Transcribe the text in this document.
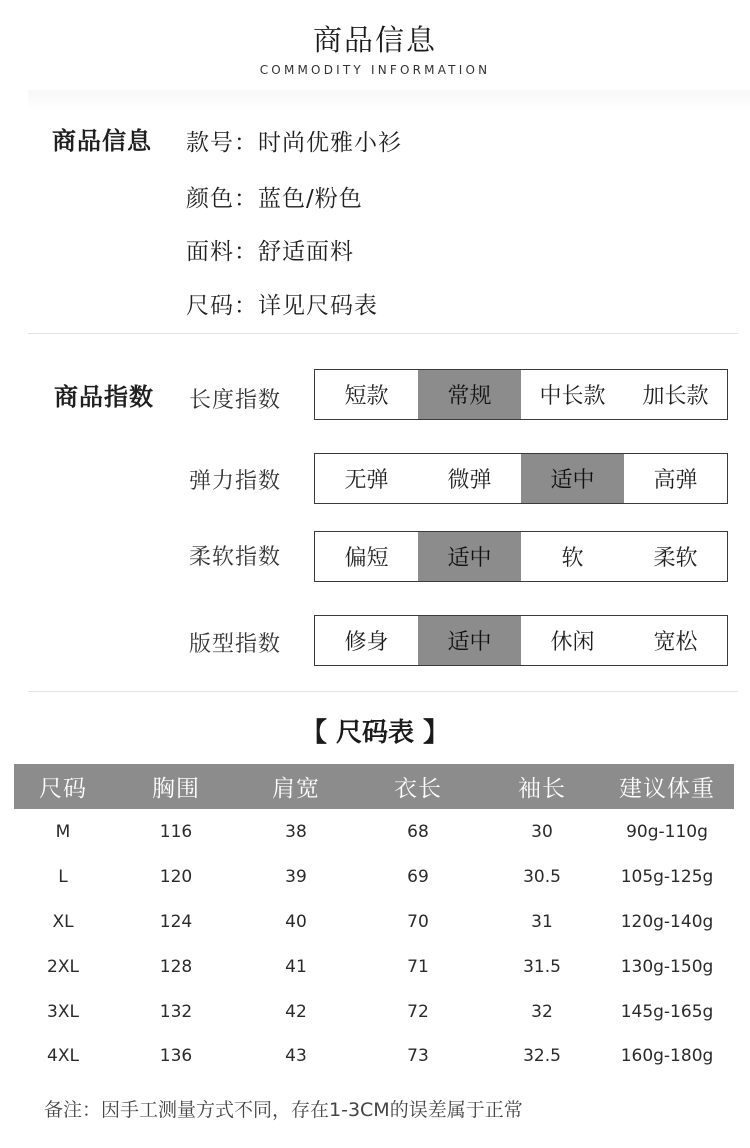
商品信息
COMMODITY INFORMATION
商品信息 款号：时尚优雅小衫
颜色：蓝色/粉色
面料：舒适面料
尺码：详见尺码表
商品指数 长度指数	短款	常规	中长款	加长款
弹力指数	无弹	微弹	适中	高弹
柔软指数	偏短	适中	软	柔软
版型指数	修身	适中	休闲	宽松
【 尺码表 】
尺码	胸围	肩宽	衣长	袖长	建议体重
M	116	38	68	30	90g-110g
L	120	39	69	30.5	105g-125g
XL	124	40	70	31	120g-140g
2XL	128	41	71	31.5	130g-150g
3XL	132	42	72	32	145g-165g
4XL	136	43	73	32.5	160g-180g
备注：因手工测量方式不同，存在1-3CM的误差属于正常
